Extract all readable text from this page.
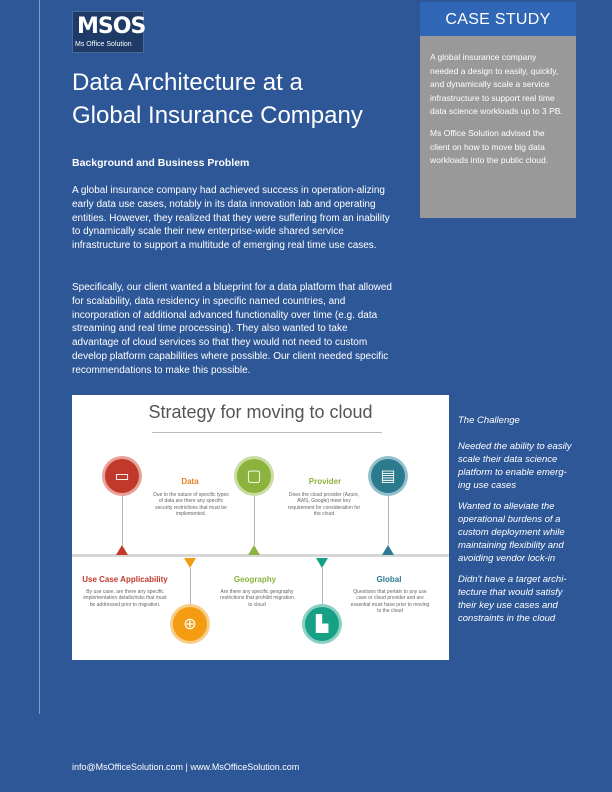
MSOS
Ms Office Solution
Data Architecture at a
Global Insurance Company
Background and Business Problem

A global insurance company had achieved success in operation-alizing early data use cases, notably in its data innovation lab and operating entities. However, they realized that they were suffering from an inability to dynamically scale their new enterprise-wide shared service infrastructure to support a multitude of emerging real time use cases.

Specifically, our client wanted a blueprint for a data platform that allowed for scalability, data residency in specific named countries, and incorporation of additional advanced functionality over time (e.g. data streaming and real time processing). They also wanted to take advantage of cloud services so that they would not need to custom develop platform capabilities where possible. Our client needed specific recommendations to make this possible.

CASE STUDY

A global insurance company needed a design to easily, quickly, and dynamically scale a service infrastructure to support real time data science workloads up to 3 PB.

Ms Office Solution advised the client on how to move big data workloads into the public cloud.

Strategy for moving to cloud
▭	Data

Due to the nature of specific types of data are there any specific security restrictions that must be implemented.

▢	Provider

Does the cloud provider (Azure, AWS, Google) meet key requirement for consideration for the cloud

▤
Use Case Applicability

By use case, are there any specific implementation details/risks that must be addressed prior to migration.

⊕
Geography

Are there any specific geography restrictions that prohibit migration to cloud

▙
Global

Questions that pertain to any use case or cloud provider and are essential must have prior to moving to the cloud

The Challenge

Needed the ability to easily scale their data science platform to enable emerg-ing use cases

Wanted to alleviate the operational burdens of a custom deployment while maintaining flexibility and avoiding vendor lock-in

Didn't have a target archi-tecture that would satisfy their key use cases and constraints in the cloud

info@MsOfficeSolution.com | www.MsOfficeSolution.com
